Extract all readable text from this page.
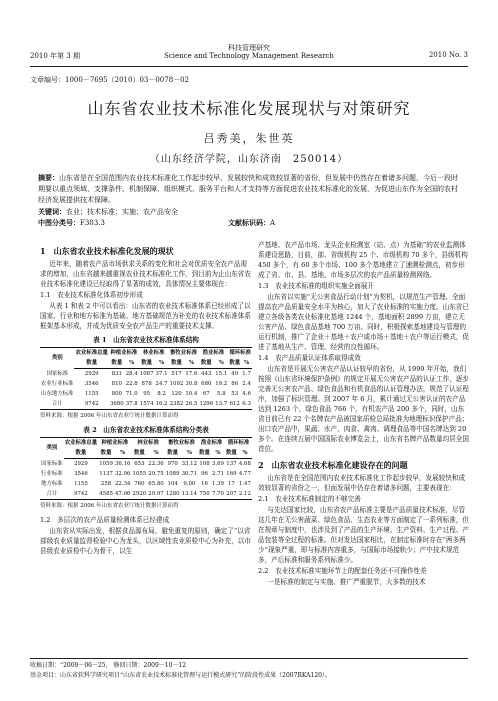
2010 年第 3 期
科技管理研究
Science and Technology Management Research	2010 No. 3
文章编号：1000－7695（2010）03－0078－02
山东省农业技术标准化发展现状与对策研究
吕秀美，朱世英
（山东经济学院，山东济南　250014）
摘要：山东省是在全国范围内农业技术标准化工作起步较早、发展较快和成效较显著的省份，但发展中仍然存在着诸多问题，今后一段时期要以重点领域、支撑条件、机制保障、组织模式、服务平台和人才支持等方面促进农业技术标准化的发展，为促进山东作为全国的农村经济发展提供技术保障。
关键词：农业；技术标准；实施；农产品安全
中图分类号：F303.3	文献标识码：A
1　山东省农业技术标准化发展的现状

近年来，随着农产品市场供求关系的变化和社会对优质安全农产品需求的增加，山东省越来越重视农业技术标准化工作，到目前为止山东省农业技术标准化建设已经取得了显著的成效，具体情况主要体现在：

1.1　农业技术标准化体系初步形成

从表 1 和表 2 中可以看出：山东省的农业技术标准体系已经形成了以国家、行业和地方标准为基础、地方基础规范为补充的农业技术标准体系框架基本形成，并成为优质安全农产品生产的重要技术支撑。

表 1　山东省农业技术标准体系结构
类别	农业标准总量	种植业标准		林业标准		畜牧业标准		渔业标准		循环标准	
	数量	数量	%	数量	%	数量	%	数量	%	数量	%
国家标准	2929	831	28.4	1087	37.1	517	17.6	443	15.1	49	1.7
农业行业标准	3546	810	22.8	878	24.7	1092	30.8	680	19.2	86	2.4
山东地方标准	1155	800	71.0	95	8.2	120	10.4	67	5.8	53	4.6
合计	9742	3680	37.8	1574	16.2	2382	26.5	1296	13.7	612	6.3
资料来源：根据 2006 年山东省农业厅统计数据计算而得
表 2　山东省农业技术标准体系结构分类表
类别	农业标准总量	种植业标准		林业标准		畜牧业标准		渔业标准		循环标准	
	数量	数量	%	数量	%	数量	%	数量	%	数量	%
国家标准	2929	1059	36.16	653	22.36	970	33.12	108	3.69	137	4.68
行业标准	3546	1137	32.06	1055	29.75	1089	30.71	96	2.71	169	4.77
地方标准	1155	258	22.34	760	65.80	104	9.00	16	1.39	17	1.47
合计	9742	4585	47.06	2920	29.97	1280	13.14	750	7.70	207	2.12
资料来源：根据 2006 年山东省农业厅统计数据计算而得
1.2　多层次的农产品质量检测体系已经建成

山东省从实际出发，根据食品源布局、避免重复的原则，确定了“以省部级农业质量监督检验中心为龙头，以区域性农业质检中心为补充，以市县级农业质检中心为骨干，以生

产基地、农产品市场、龙头企业检测室（站、点）为基础”的农业监测体系建设思路，目前，部、省级机构 25 个、市级机构 70 多个，县级机构 450 多个，有 60 多个市场、100 多个基地建立了速测检测点，初步形成了省、市、县、基地、市场多层次的农产品质量检测网络。

1.3　农业技术标准的组织实施全面展开

山东省以实施“无公害食品行动计划”为契机，以规范生产管理、全面提高农产品质量安全水平为核心，加大了农业标准的实施力度。山东省已建立各级各类农业标准化基地 1244 个，基地面积 2899 万亩，建立无公害产品、绿色食品基地 700 万亩。同时，积极探索基地建设与管理的运行机制，推广了企业＋基地＋农户或市场＋基地＋农户等运行模式，促进了基地从生产、管理、经营的良性循环。

1.4　农产品质量认证体系取得成效

山东省是开展无公害农产品认证较早的省份，从 1999 年开始，我们按照《山东省环境保护条例》的规定开展无公害农产品的认证工作，逐步完善无公害农产品、绿色食品和有机食品的认证管理办法，规范了认证程序，加强了标识管理。到 2007 年 6 月，累计通过无公害认证的农产品达到 1263 个，绿色食品 766 个，有机农产品 200 多个，同时，山东省目前已有 22 个名牌农产品被国家质检总局批准为地理标识保护产品；出口农产品中，果蔬、水产、肉食、禽肉、调理食品等中国名牌达到 20 多个。在连续五届中国国际农业博览会上，山东省名牌产品数量均居全国首位。

2　山东省农业技术标准化建设存在的问题

山东省是在全国范围内农业技术标准化工作起步较早，发展较快和成效较显著的省份之一，但面发展中仍存在着诸多问题，主要表现在：

2.1　农业技术标准制定的不够完善

与先达国家比较，山东省农产品标准主要是产品质量技术标准，尽管这几年在无公害蔬菜、绿色食品、生态农业等方面制定了一系列标准，但在规章与制度中，也涉及到了产品的生产环境、生产资料、生产过程、产品包装等全过程的标准。但对发达国家相比，在制定标准时存在“两多两少”现象严重，即与标准内容重多，与国际市场接轨少；产中技术规范多，产后标准和服务系列标准少。

2.2　农业技术标准实施环节上的配套任务还不可操作性差

一是标准的制定与实施、推广严重脱节，大多数的技术

收稿日期：“2009－06－25， 修回日期：2009－10－12
基金项目：山东省软科学研究项目“山东省农业技术标准化管理与运行模式研究”的阶段性成果（2007RKA120）。
